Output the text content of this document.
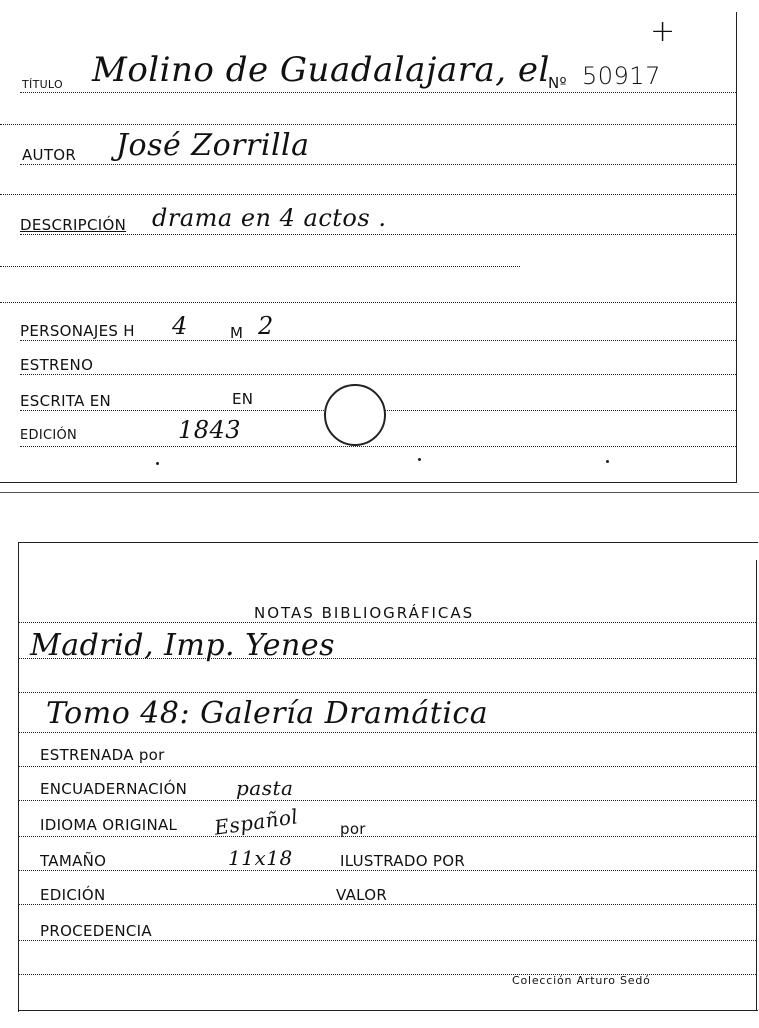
+
TÍTULO Molino de Guadalajara, el
Nº 50917
AUTOR José Zorrilla
DESCRIPCIÓN drama en 4 actos .
PERSONAJES H 4	M 2
ESTRENO
ESCRITA EN	EN
EDICIÓN	1843
NOTAS BIBLIOGRÁFICAS
Madrid, Imp. Yenes
Tomo 48: Galería Dramática
ESTRENADA por
ENCUADERNACIÓN pasta
IDIOMA ORIGINAL Español	por
TAMAÑO	11x18	ILUSTRADO POR
EDICIÓN	VALOR
PROCEDENCIA
Colección Arturo Sedó
